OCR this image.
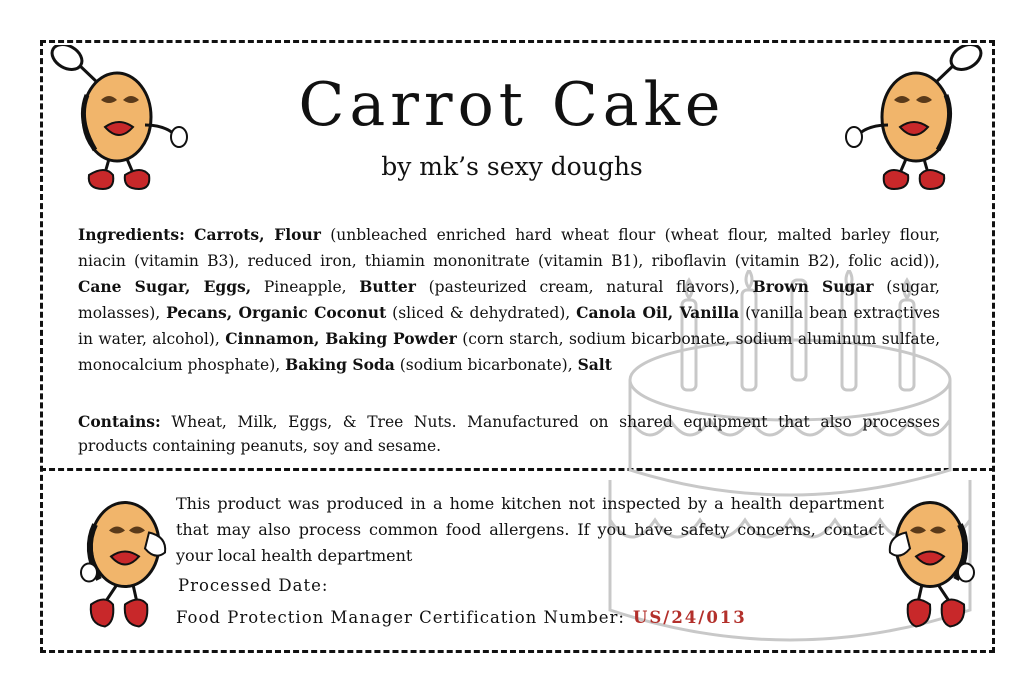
Carrot Cake

by mk’s sexy doughs

Ingredients: Carrots, Flour (unbleached enriched hard wheat flour (wheat flour, malted barley flour, niacin (vitamin B3), reduced iron, thiamin mononitrate (vitamin B1), riboflavin (vitamin B2), folic acid)), Cane Sugar, Eggs, Pineapple, Butter (pasteurized cream, natural flavors), Brown Sugar (sugar, molasses), Pecans, Organic Coconut (sliced & dehydrated), Canola Oil, Vanilla (vanilla bean extractives in water, alcohol), Cinnamon, Baking Powder (corn starch, sodium bicarbonate, sodium aluminum sulfate, monocalcium phosphate), Baking Soda (sodium bicarbonate), Salt

Contains: Wheat, Milk, Eggs, & Tree Nuts. Manufactured on shared equipment that also processes products containing peanuts, soy and sesame.

This product was produced in a home kitchen not inspected by a health department that may also process common food allergens. If you have safety concerns, contact your local health department

Processed Date:

Food Protection Manager Certification Number: US/24/013
